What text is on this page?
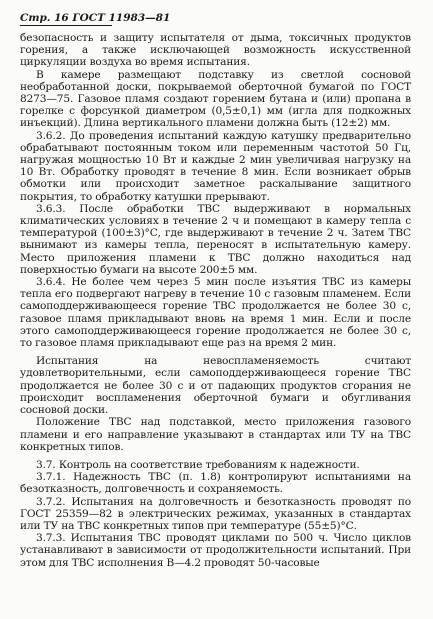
Стр. 16 ГОСТ 11983—81

безопасность и защиту испытателя от дыма, токсичных продуктов горения, а также исключающей возможность искусственной циркуляции воздуха во время испытания.

В камере размещают подставку из светлой сосновой необработанной доски, покрываемой оберточной бумагой по ГОСТ 8273—75. Газовое пламя создают горением бутана и (или) пропана в горелке с форсункой диаметром (0,5±0,1) мм (игла для подкожных инъекций). Длина вертикального пламени должна быть (12±2) мм.

3.6.2. До проведения испытаний каждую катушку предварительно обрабатывают постоянным током или переменным частотой 50 Гц, нагружая мощностью 10 Вт и каждые 2 мин увеличивая нагрузку на 10 Вт. Обработку проводят в течение 8 мин. Если возникает обрыв обмотки или происходит заметное раскалывание защитного покрытия, то обработку катушки прерывают.

3.6.3. После обработки ТВС выдерживают в нормальных климатических условиях в течение 2 ч и помещают в камеру тепла с температурой (100±3)°С, где выдерживают в течение 2 ч. Затем ТВС вынимают из камеры тепла, переносят в испытательную камеру. Место приложения пламени к ТВС должно находиться над поверхностью бумаги на высоте 200±5 мм.

3.6.4. Не более чем через 5 мин после изъятия ТВС из камеры тепла его подвергают нагреву в течение 10 с газовым пламенем. Если самоподдерживающееся горение ТВС продолжается не более 30 с, газовое пламя прикладывают вновь на время 1 мин. Если и после этого самоподдерживающееся горение продолжается не более 30 с, то газовое пламя прикладывают еще раз на время 2 мин.

Испытания на невоспламеняемость считают удовлетворительными, если самоподдерживающееся горение ТВС продолжается не более 30 с и от падающих продуктов сгорания не происходит воспламенения оберточной бумаги и обугливания сосновой доски.

Положение ТВС над подставкой, место приложения газового пламени и его направление указывают в стандартах или ТУ на ТВС конкретных типов.

3.7. Контроль на соответствие требованиям к надежности.

3.7.1. Надежность ТВС (п. 1.8) контролируют испытаниями на безотказность, долговечность и сохраняемость.

3.7.2. Испытания на долговечность и безотказность проводят по ГОСТ 25359—82 в электрических режимах, указанных в стандартах или ТУ на ТВС конкретных типов при температуре (55±5)°С.

3.7.3. Испытания ТВС проводят циклами по 500 ч. Число циклов устанавливают в зависимости от продолжительности испытаний. При этом для ТВС исполнения В—4.2 проводят 50-часовые
